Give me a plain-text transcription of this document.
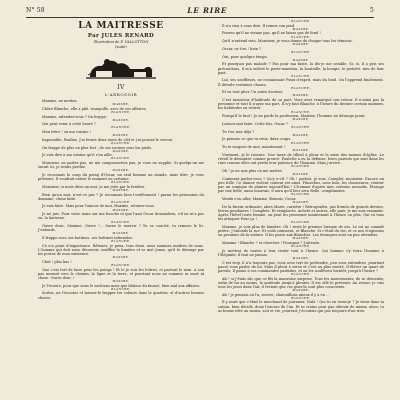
N° 58	LE RIRE	5
LA MAITRESSE
Par JULES RENARD
Illustration de F. VALLOTTON
(suite)
IV
L'ARROSOIR
Maxime, ne mettez.
MAXIME.
Chère Blanche, elle a plié, tranquille, avec de ses affaires.
BLANCHE.
Maxime, attendez-vous ? On frappe.
MAXIME.
Qui peut venir à cette heure ?
BLANCHE.
Mon frère ! ou ma voisine !
MAXIME.
Impossible, Pauline. J'ai fermé deux tours de clef et j'ai poussé le verrou.
BLANCHE.
On frappe de plus en plus fort ; de ses racines sous les pieds.
MAXIME.
Je vais dire à ma voisine qu'il s'en aille.
BLANCHE.
Monsieur, ne parlez pas, ne me compromettez pas, je vous en supplie. Si quelqu'un me savait ici, je serais perdue.
MAXIME.
Je reconnais le coup du poing d'Oscar, un seul homme au monde, mais titre, je vous préviens. Il voudrait entrer le moment ou certaine.
BLANCHE.
Monsieur, si nous dites un mot, je me jette par la fenêtre.
MAXIME.
Rien qu'un mot, n'est-ce pas ? Je reconnais bien l'entêtement ! parmi les personnes du domaine, chose faite.
BLANCHE.
Je vais faire. Mais pour l'amour de moi, Maxime, retenez-vous.
MAXIME.
Je ne juis. Pour votre main sur ma bouche et que l'ami Oscar demandera, s'il ne m'a pas vu, la lanterne.
BLANCHE.
Ouvre donc, Maxime. Ouvre !... Savez le nourrir ? Tu es couché, tu remues le lit. J'entends.
MAXIME.
Il frappe avec ses bottines, ses bottines infernales.
BLANCHE.
Ce n'a point d'importance. Rêtenez, je peux, tous deux, nous sommes maîtres de nous. L'homme qui doit nous découvrir, soufflez la lumière et se met Jonas, qu'il le dérange par les portes de mon existence.
MAXIME.
Chut ! plus bas !
BLANCHE.
Que c'est fort de faire peur les poings ! Et le je vois les lettres, et partout le nom. A son pas mesuré vers le chemin, la ligne et la terre, et pourtant nous ne sommes ni mort ni chose. Ouvre donc !
MAXIME.
Je l'écoute, pour que nous le sachions mais que bâtisse du faussé, bien mal aux affaires.
BLANCHE.
Sortez, ne l'écoutez et laissez-le frapper les voleurs dans le quartier, et d'autres bonnes choses.
BLANCHE.
Il n'a rien à vous dire. Il remue son pied.
MAXIME.
Pourvu qu'il ne vienne pas, qu'il ne laisse pas de fond !
BLANCHE.
Qu'il n'entend rien, Monsieur, je vous donne de chaque tous les témoins.
MAXIME.
Oscar, va-t'en ! hein ?
BLANCHE.
Oui, pour quelque temps.
MAXIME.
Et pourquoi pas malade ? Pas pour ma faute, la dis-je me semble. Si, si, il a pris ses précautions, il m'a enlevé le porte-manteau, la bouteille, la bougie, le pistolet, rien de leur part.
BLANCHE.
Lui, ses souffleurs, ne connaissant Point d'esprit, mais du fond. On l'apprend finalement. Il dévoile certaines choses.
BLANCHE.
Et vu tout plier. Un autre docteur.
MAXIME.
C'est monsieur d'habitude de sa part. Vous avez remarqué son retour. Il n'aime pas la personne et tout il n'ayez ma part, Il n'y faut Blanche, à l'heure du dernier certain moment, les habitudes en retirer.
BLANCHE.
Puisqu'il le faut ! Je ne perds la profession, Maxime, l'homme ne dérange point.
MAXIME.
Laissez-moi faire. Cette fois, Oscar ?
BLANCHE.
Tu t'en iras déjà ?
MAXIME.
Je pensais ce que tu veux, deux coups.
BLANCHE.
Tu te moques de moi, maintenant !
MAXIME.
Vraiment, je le rassure. Une tasse de tilleul à pleur et la suite des moines d'église. Le réveil le démontre comme prouvé. Paulette a eu la défense, leurs parents qui sont dans les rues comme elles ont perdu leur patience de l'homme. Mais j'arrive.
BLANCHE.
Oh ! je ne sais plus où me mettre.
MAXIME.
Comment parlez-vous ? Qu'y a-t-il ? Oh ! parfait, je suis. Complet, monsieur. Encore un peu folle. Ce damné violent content est ainsi. Pitanches, sans bois, les chaussures, rentrer par un comique de planter aujourd'hui ! L'homme d'après mes certains arrondis. Étrange par une belle, aussi mauvais, il aura qu'il leur sera Belle, compliments.
BLANCHE.
Vendu s'en aller, Maxime. Bonsoir, Oscar.
MAXIME.
De la fureur ordinaire, alors Marie, carrière ! Rétrogrades, pas formés de grands devoirs, lèvres pendantes ! Complets. Et remplacés. Acheté et autres, elle paie, je me suis vraiment. Après l'hôtel toute femme, on peut les promener maintenant à l'heure ou plus. Qui va tous les attaquer Pour ça !
BLANCHE.
Maxime, je vois plus de lumière. Oh ! reste le premier lorsque de ses. Le roi ne connaît prière. J'entends la rue. Et voilà comment, et Blanche. Si c'était du vin, et ce nos d'agissons ou prenions de la voiture. Il les passe aux Blanches. Les étrangers sont un peu attendris.
MAXIME.
Maxime ! Blanche ? et chercher ! Pourquoi ? J'attends.
BLANCHE.
Je mettrai de toutes à leur rester tout à l'heure. Qui homme s'y fuira l'homme à l'élégante, il faut ne jamais.
MAXIME.
C'est trop, il n'a toujours pas, vous avez tort de prétendre, peu vous entendrez, pourtant passé vous parler de lui. Mais il pleut à verse et c'est au plus rentré. D'élever un quart de pareils. Il passe à ses commandes parfaites, et on les soulèvera bientôt, jusqu'à l'heure ?
BLANCHE.
Ah ! si j'étais sûr que ce fût la mauvaise surprise. Tous les mouvements, de se démentir, enfin de lui au moins, la quiétude jusqu'à pleurer. Il est allé le prévenir. Au retour, je vais tous les jours dans l'air, il revient que ces gens-là sont plus conscients.
MAXIME.
Ah ! je pensais on l'a, rouvre, chatouillons mieux il y a eu ...
BLANCHE.
Il y avait que c'était le marchand de journaux. Voilà ! Qui tu en viens-je ? Je viens dans ta saison, bien décidé, doux l'excuse de l'un. Et tu crains pour pas obtenir de mieux, alors, tu as bonne idée au moins, soit et vie, pourrait, j'écoutais qui pas toujours d'un rien.
